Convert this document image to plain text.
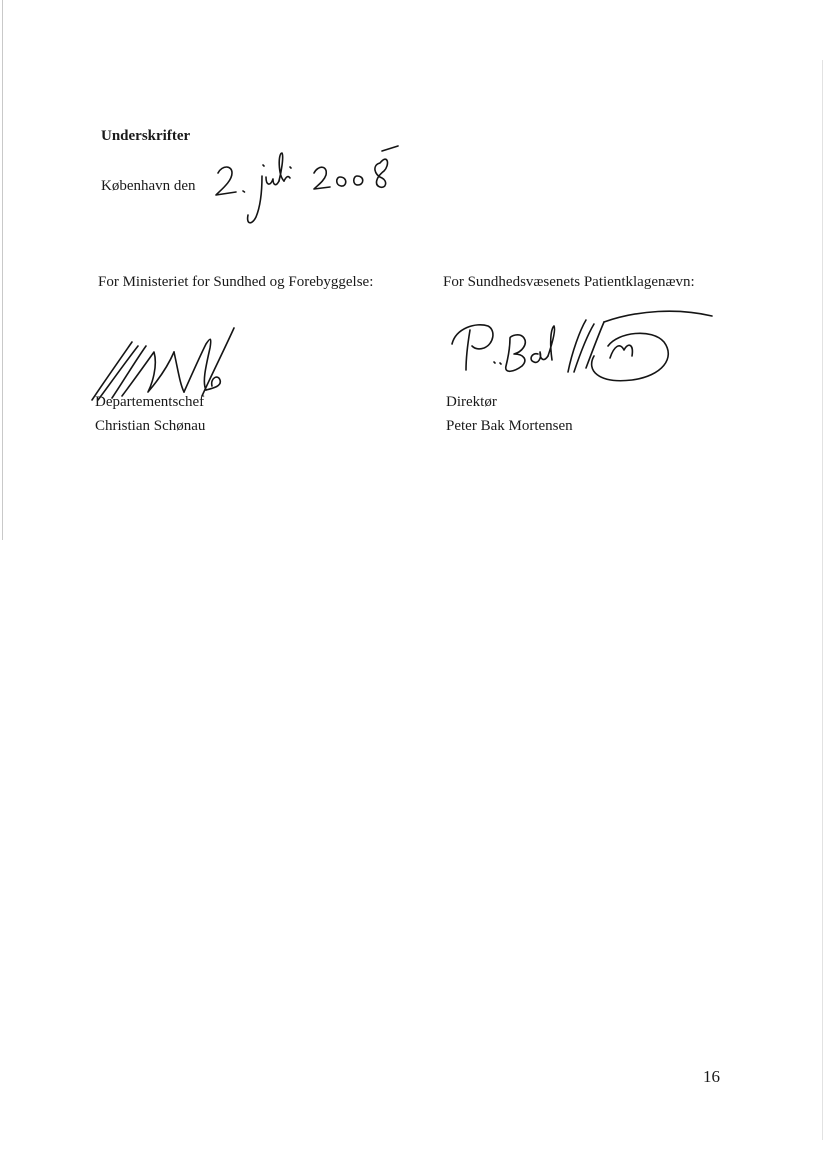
Underskrifter
København den
For Ministeriet for Sundhed og Forebyggelse:	For Sundhedsvæsenets Patientklagenævn:
Departementschef
Christian Schønau
Direktør
Peter Bak Mortensen
16
